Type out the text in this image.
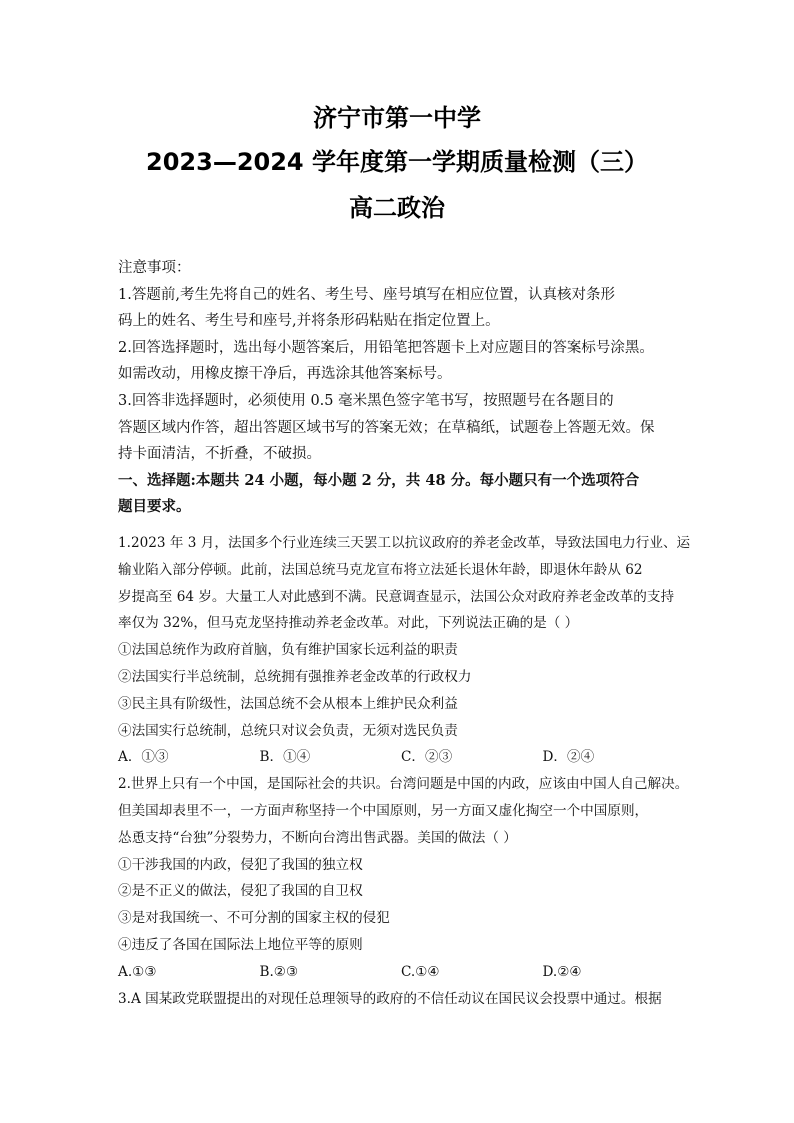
济宁市第一中学
2023—2024 学年度第一学期质量检测（三）
高二政治
注意事项：
1.答题前,考生先将自己的姓名、考生号、座号填写在相应位置，认真核对条形
码上的姓名、考生号和座号,并将条形码粘贴在指定位置上。
2.回答选择题时，选出每小题答案后，用铅笔把答题卡上对应题目的答案标号涂黑。
如需改动，用橡皮擦干净后，再选涂其他答案标号。
3.回答非选择题时，必须使用 0.5 毫米黑色签字笔书写，按照题号在各题目的
答题区域内作答，超出答题区域书写的答案无效；在草稿纸，试题卷上答题无效。保
持卡面清洁，不折叠，不破损。
一、选择题:本题共 24 小题，每小题 2 分，共 48 分。每小题只有一个选项符合
题目要求。
1.2023 年 3 月，法国多个行业连续三天罢工以抗议政府的养老金改革，导致法国电力行业、运
输业陷入部分停顿。此前，法国总统马克龙宣布将立法延长退休年龄，即退休年龄从 62
岁提高至 64 岁。大量工人对此感到不满。民意调查显示，法国公众对政府养老金改革的支持
率仅为 32%，但马克龙坚持推动养老金改革。对此，下列说法正确的是（ ）
①法国总统作为政府首脑，负有维护国家长远利益的职责
②法国实行半总统制，总统拥有强推养老金改革的行政权力
③民主具有阶级性，法国总统不会从根本上维护民众利益
④法国实行总统制，总统只对议会负责，无须对选民负责
A．①③	B．①④	C．②③	D．②④
2.世界上只有一个中国，是国际社会的共识。台湾问题是中国的内政，应该由中国人自己解决。
但美国却表里不一，一方面声称坚持一个中国原则，另一方面又虚化掏空一个中国原则，
怂恿支持“台独”分裂势力，不断向台湾出售武器。美国的做法（ ）
①干涉我国的内政，侵犯了我国的独立权
②是不正义的做法，侵犯了我国的自卫权
③是对我国统一、不可分割的国家主权的侵犯
④违反了各国在国际法上地位平等的原则
A.①③	B.②③	C.①④	D.②④
3.A 国某政党联盟提出的对现任总理领导的政府的不信任动议在国民议会投票中通过。根据
